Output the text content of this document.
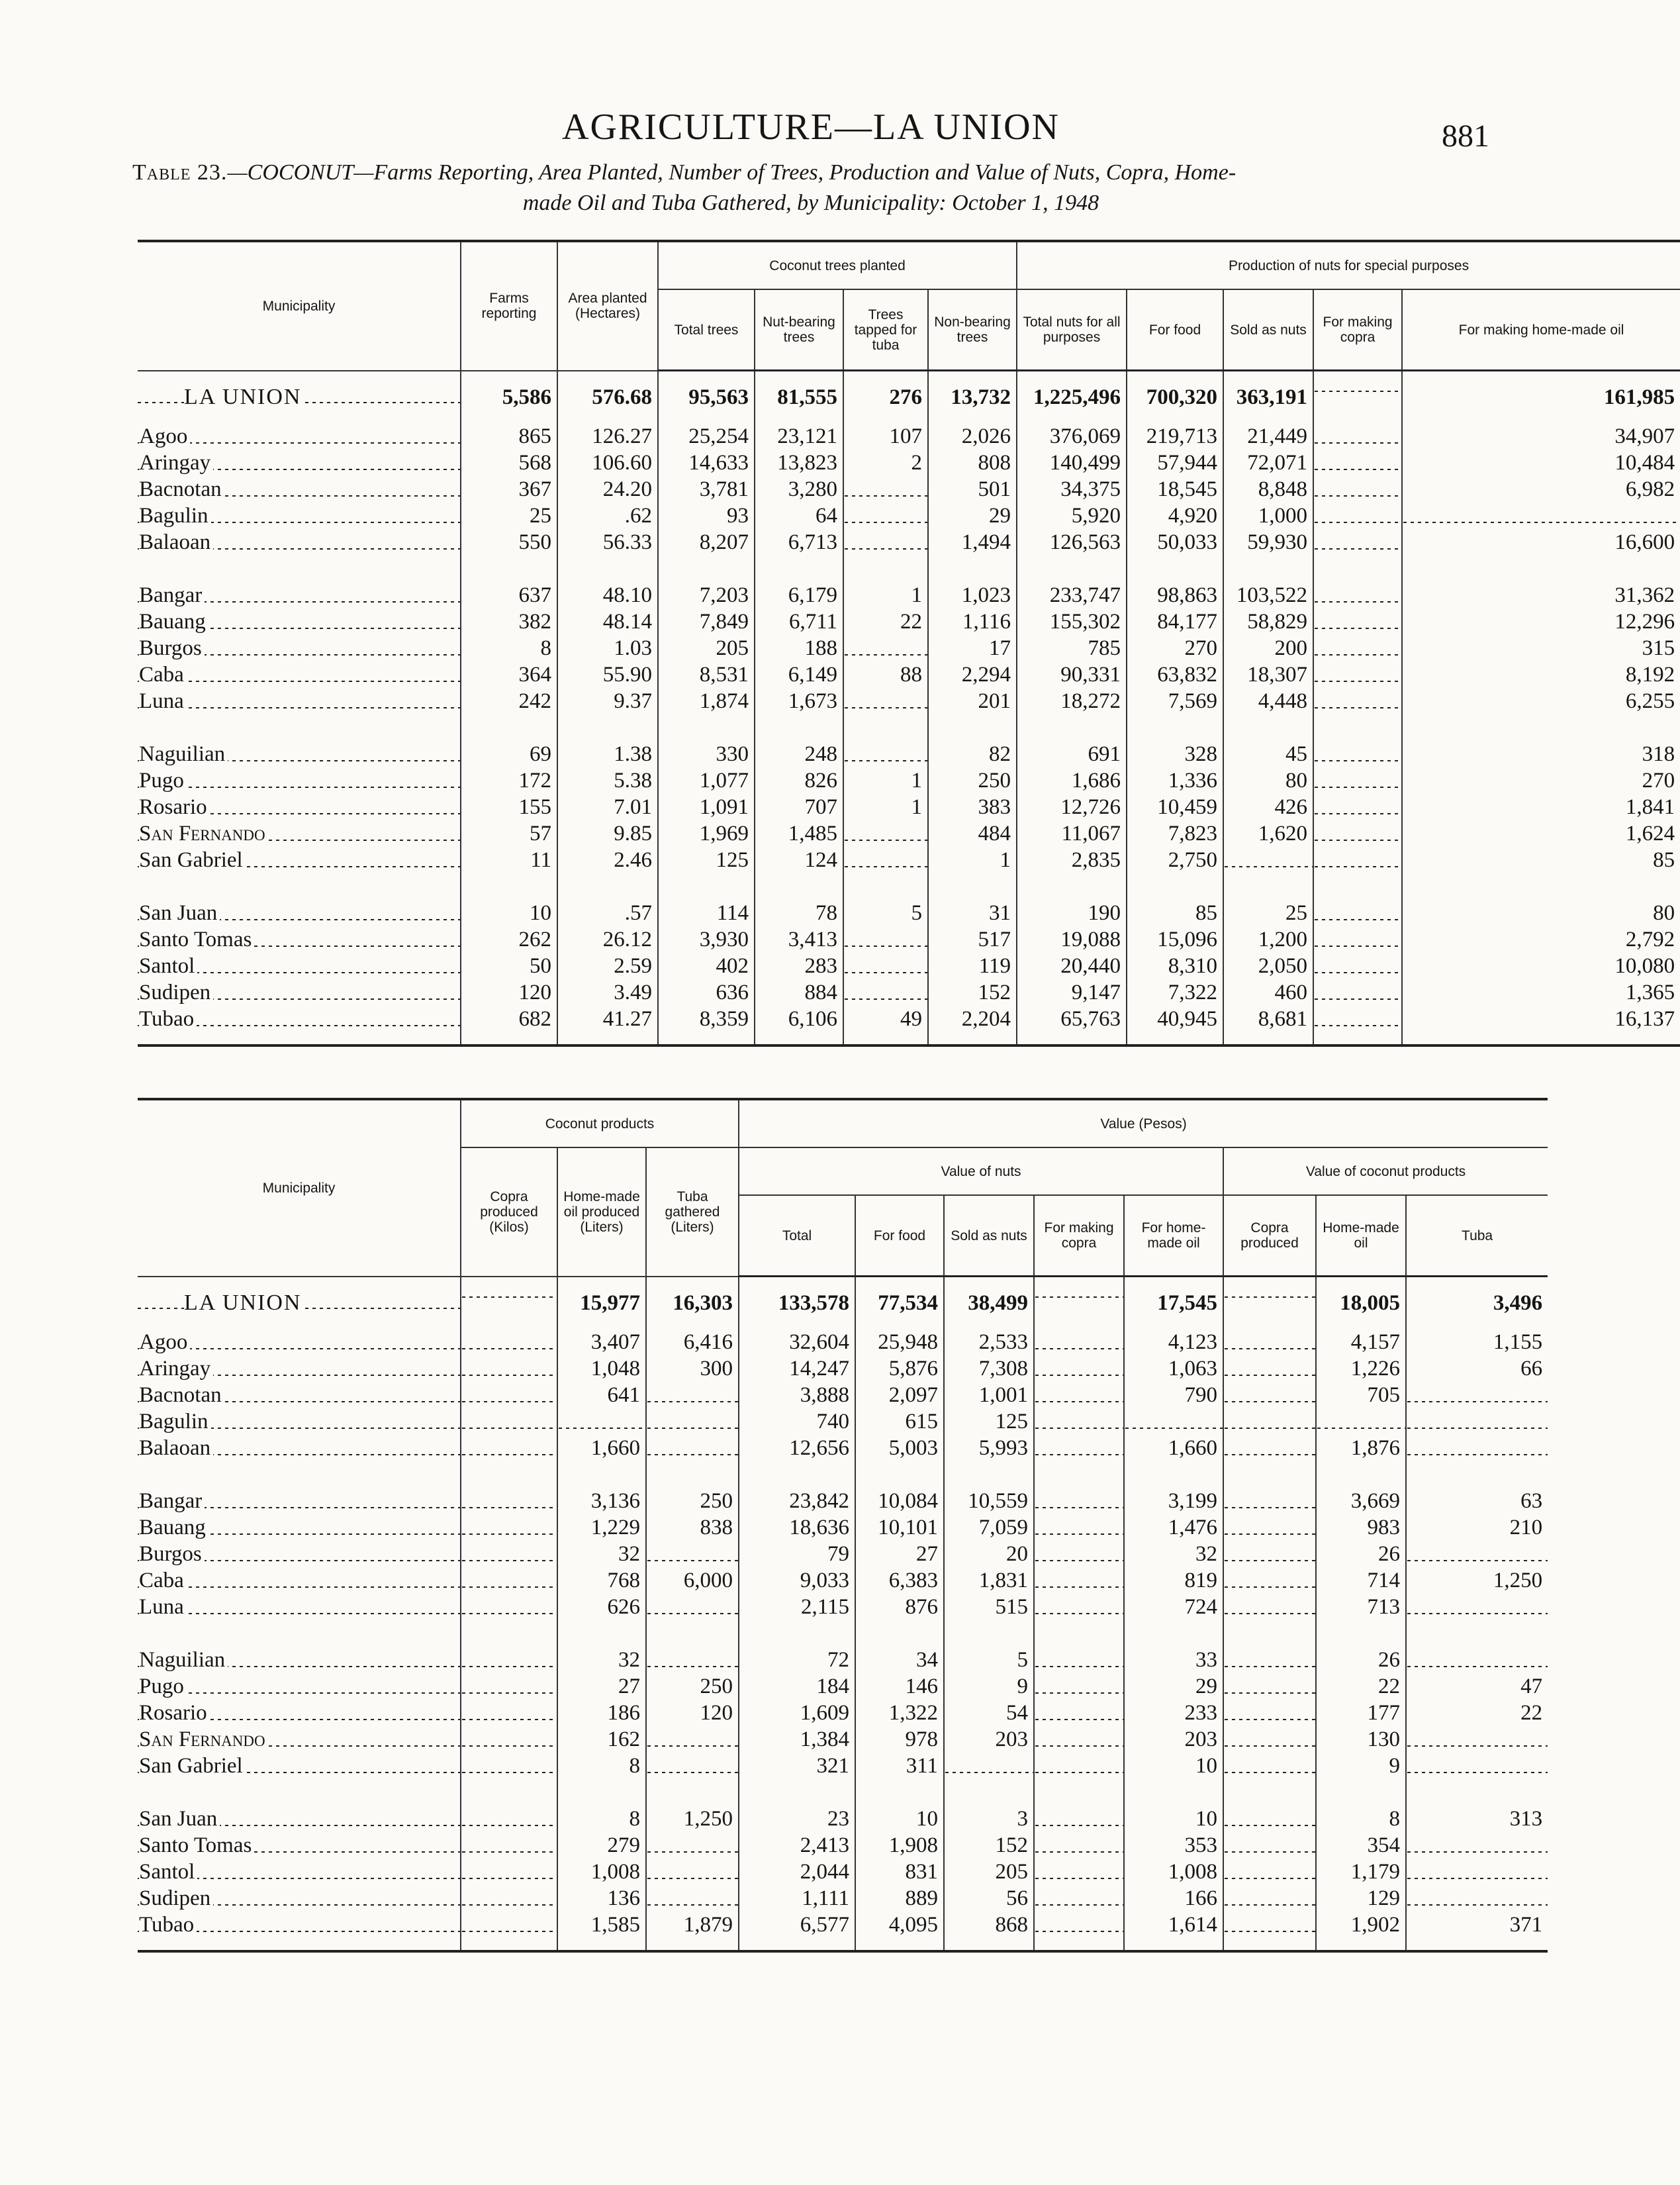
AGRICULTURE—LA UNION	881
Table 23.—COCONUT—Farms Reporting, Area Planted, Number of Trees, Production and Value of Nuts, Copra, Home-
made Oil and Tuba Gathered, by Municipality: October 1, 1948
Municipality	Farms reporting	Area planted (Hectares)	Coconut trees planted				Production of nuts for special purposes				
			Total trees	Nut-bearing trees	Trees tapped for tuba	Non-bearing trees	Total nuts for all purposes	For food	Sold as nuts	For making copra	For making home-made oil
LA UNION	5,586	576.68	95,563	81,555	276	13,732	1,225,496	700,320	363,191		161,985
Agoo	865	126.27	25,254	23,121	107	2,026	376,069	219,713	21,449		34,907
Aringay	568	106.60	14,633	13,823	2	808	140,499	57,944	72,071		10,484
Bacnotan	367	24.20	3,781	3,280		501	34,375	18,545	8,848		6,982
Bagulin	25	.62	93	64		29	5,920	4,920	1,000		
Balaoan	550	56.33	8,207	6,713		1,494	126,563	50,033	59,930		16,600

Bangar	637	48.10	7,203	6,179	1	1,023	233,747	98,863	103,522		31,362
Bauang	382	48.14	7,849	6,711	22	1,116	155,302	84,177	58,829		12,296
Burgos	8	1.03	205	188		17	785	270	200		315
Caba	364	55.90	8,531	6,149	88	2,294	90,331	63,832	18,307		8,192
Luna	242	9.37	1,874	1,673		201	18,272	7,569	4,448		6,255

Naguilian	69	1.38	330	248		82	691	328	45		318
Pugo	172	5.38	1,077	826	1	250	1,686	1,336	80		270
Rosario	155	7.01	1,091	707	1	383	12,726	10,459	426		1,841
San Fernando	57	9.85	1,969	1,485		484	11,067	7,823	1,620		1,624
San Gabriel	11	2.46	125	124		1	2,835	2,750			85

San Juan	10	.57	114	78	5	31	190	85	25		80
Santo Tomas	262	26.12	3,930	3,413		517	19,088	15,096	1,200		2,792
Santol	50	2.59	402	283		119	20,440	8,310	2,050		10,080
Sudipen	120	3.49	636	884		152	9,147	7,322	460		1,365
Tubao	682	41.27	8,359	6,106	49	2,204	65,763	40,945	8,681		16,137

Municipality	Coconut products			Value (Pesos)							
	Copra produced (Kilos)	Home-made oil produced (Liters)	Tuba gathered (Liters)	Value of nuts					Value of coconut products		
				Total	For food	Sold as nuts	For making copra	For home-made oil	Copra produced	Home-made oil	Tuba
LA UNION		15,977	16,303	133,578	77,534	38,499		17,545		18,005	3,496
Agoo		3,407	6,416	32,604	25,948	2,533		4,123		4,157	1,155
Aringay		1,048	300	14,247	5,876	7,308		1,063		1,226	66
Bacnotan		641		3,888	2,097	1,001		790		705	
Bagulin				740	615	125					
Balaoan		1,660		12,656	5,003	5,993		1,660		1,876	

Bangar		3,136	250	23,842	10,084	10,559		3,199		3,669	63
Bauang		1,229	838	18,636	10,101	7,059		1,476		983	210
Burgos		32		79	27	20		32		26	
Caba		768	6,000	9,033	6,383	1,831		819		714	1,250
Luna		626		2,115	876	515		724		713	

Naguilian		32		72	34	5		33		26	
Pugo		27	250	184	146	9		29		22	47
Rosario		186	120	1,609	1,322	54		233		177	22
San Fernando		162		1,384	978	203		203		130	
San Gabriel		8		321	311			10		9	

San Juan		8	1,250	23	10	3		10		8	313
Santo Tomas		279		2,413	1,908	152		353		354	
Santol		1,008		2,044	831	205		1,008		1,179	
Sudipen		136		1,111	889	56		166		129	
Tubao		1,585	1,879	6,577	4,095	868		1,614		1,902	371
